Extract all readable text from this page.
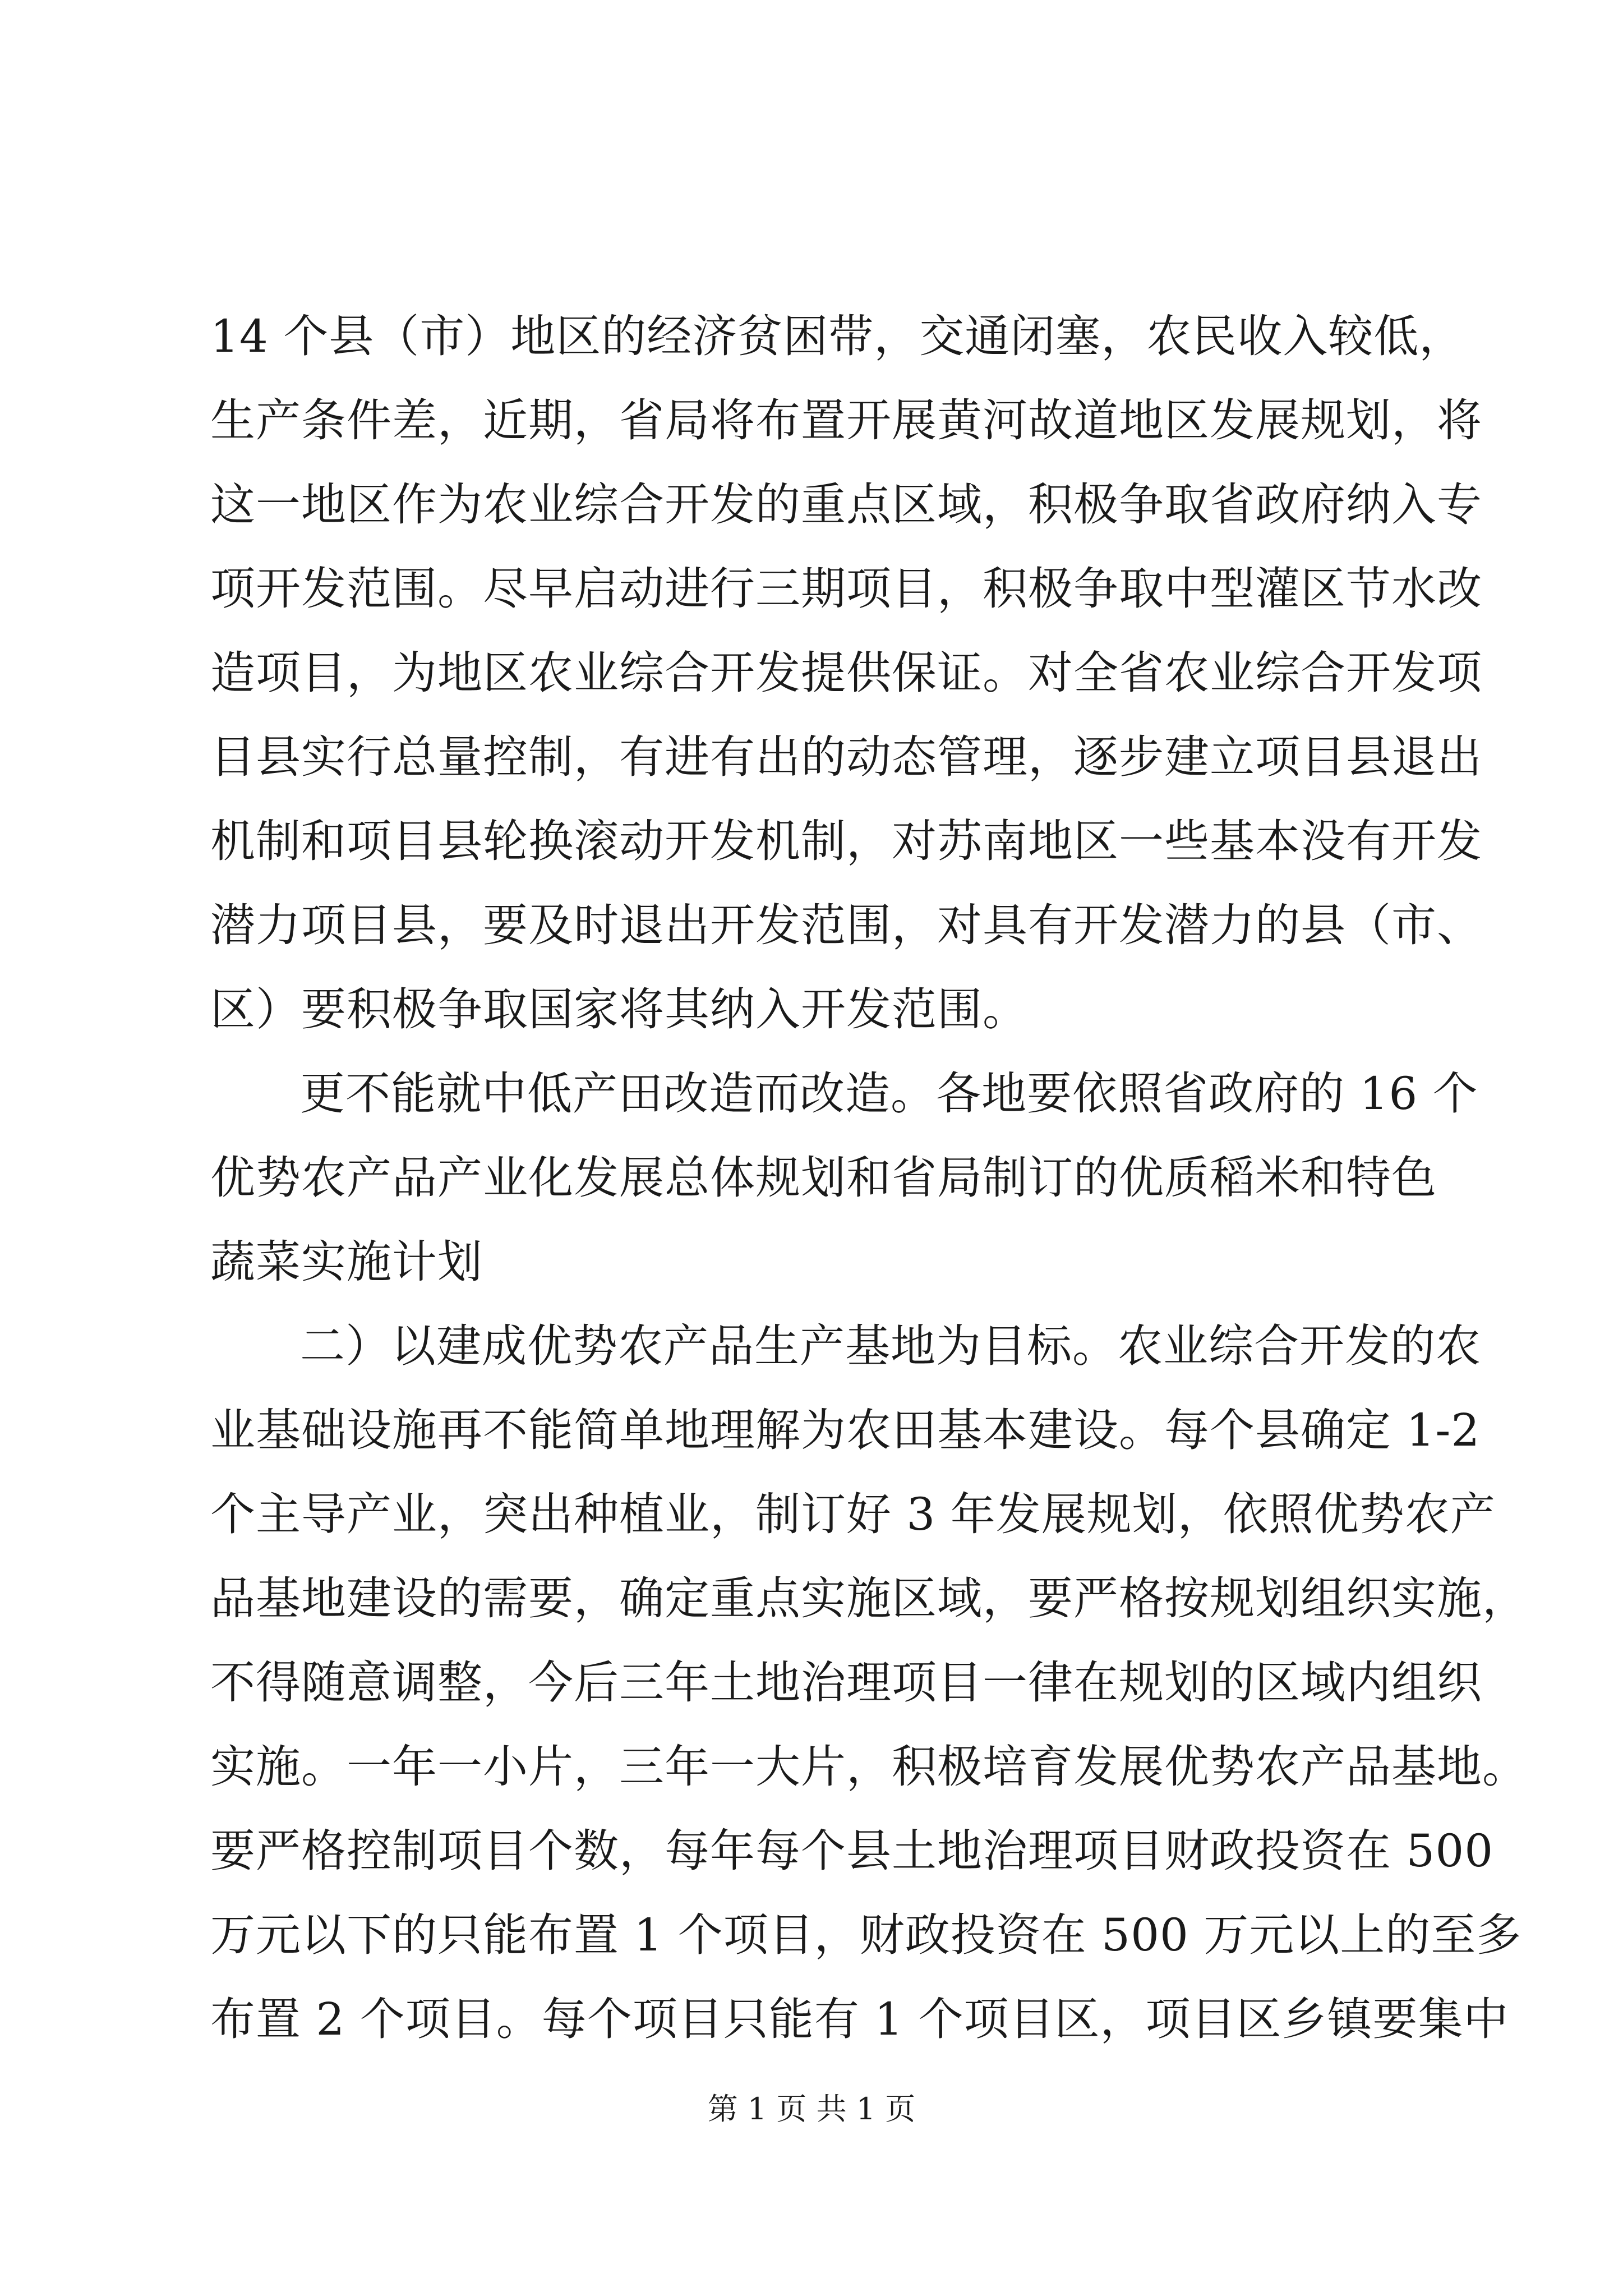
14 个县（市）地区的经济贫困带，交通闭塞，农民收入较低，
生产条件差，近期，省局将布置开展黄河故道地区发展规划，将
这一地区作为农业综合开发的重点区域，积极争取省政府纳入专
项开发范围。尽早启动进行三期项目，积极争取中型灌区节水改
造项目，为地区农业综合开发提供保证。对全省农业综合开发项
目县实行总量控制，有进有出的动态管理，逐步建立项目县退出
机制和项目县轮换滚动开发机制，对苏南地区一些基本没有开发
潜力项目县，要及时退出开发范围，对具有开发潜力的县（市、
区）要积极争取国家将其纳入开发范围。
更不能就中低产田改造而改造。各地要依照省政府的 16 个
优势农产品产业化发展总体规划和省局制订的优质稻米和特色
蔬菜实施计划
二）以建成优势农产品生产基地为目标。农业综合开发的农
业基础设施再不能简单地理解为农田基本建设。每个县确定 1-2
个主导产业，突出种植业，制订好 3 年发展规划，依照优势农产
品基地建设的需要，确定重点实施区域，要严格按规划组织实施，
不得随意调整，今后三年土地治理项目一律在规划的区域内组织
实施。一年一小片，三年一大片，积极培育发展优势农产品基地。
要严格控制项目个数，每年每个县土地治理项目财政投资在 500
万元以下的只能布置 1 个项目，财政投资在 500 万元以上的至多
布置 2 个项目。每个项目只能有 1 个项目区，项目区乡镇要集中
第 1 页 共 1 页
